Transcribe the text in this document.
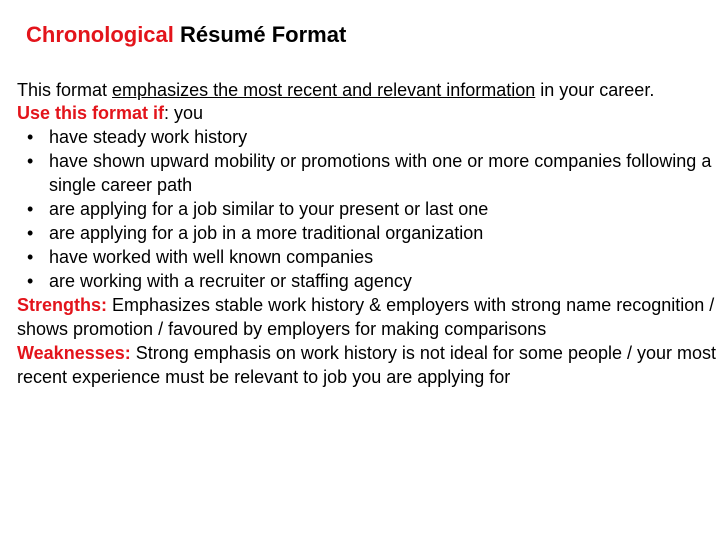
Chronological Résumé Format

This format emphasizes the most recent and relevant information in your career.

Use this format if: you

• have steady work history
• have shown upward mobility or promotions with one or more companies following a single career path
• are applying for a job similar to your present or last one
• are applying for a job in a more traditional organization
• have worked with well known companies
• are working with a recruiter or staffing agency

Strengths: Emphasizes stable work history & employers with strong name recognition / shows promotion / favoured by employers for making comparisons

Weaknesses: Strong emphasis on work history is not ideal for some people / your most recent experience must be relevant to job you are applying for
